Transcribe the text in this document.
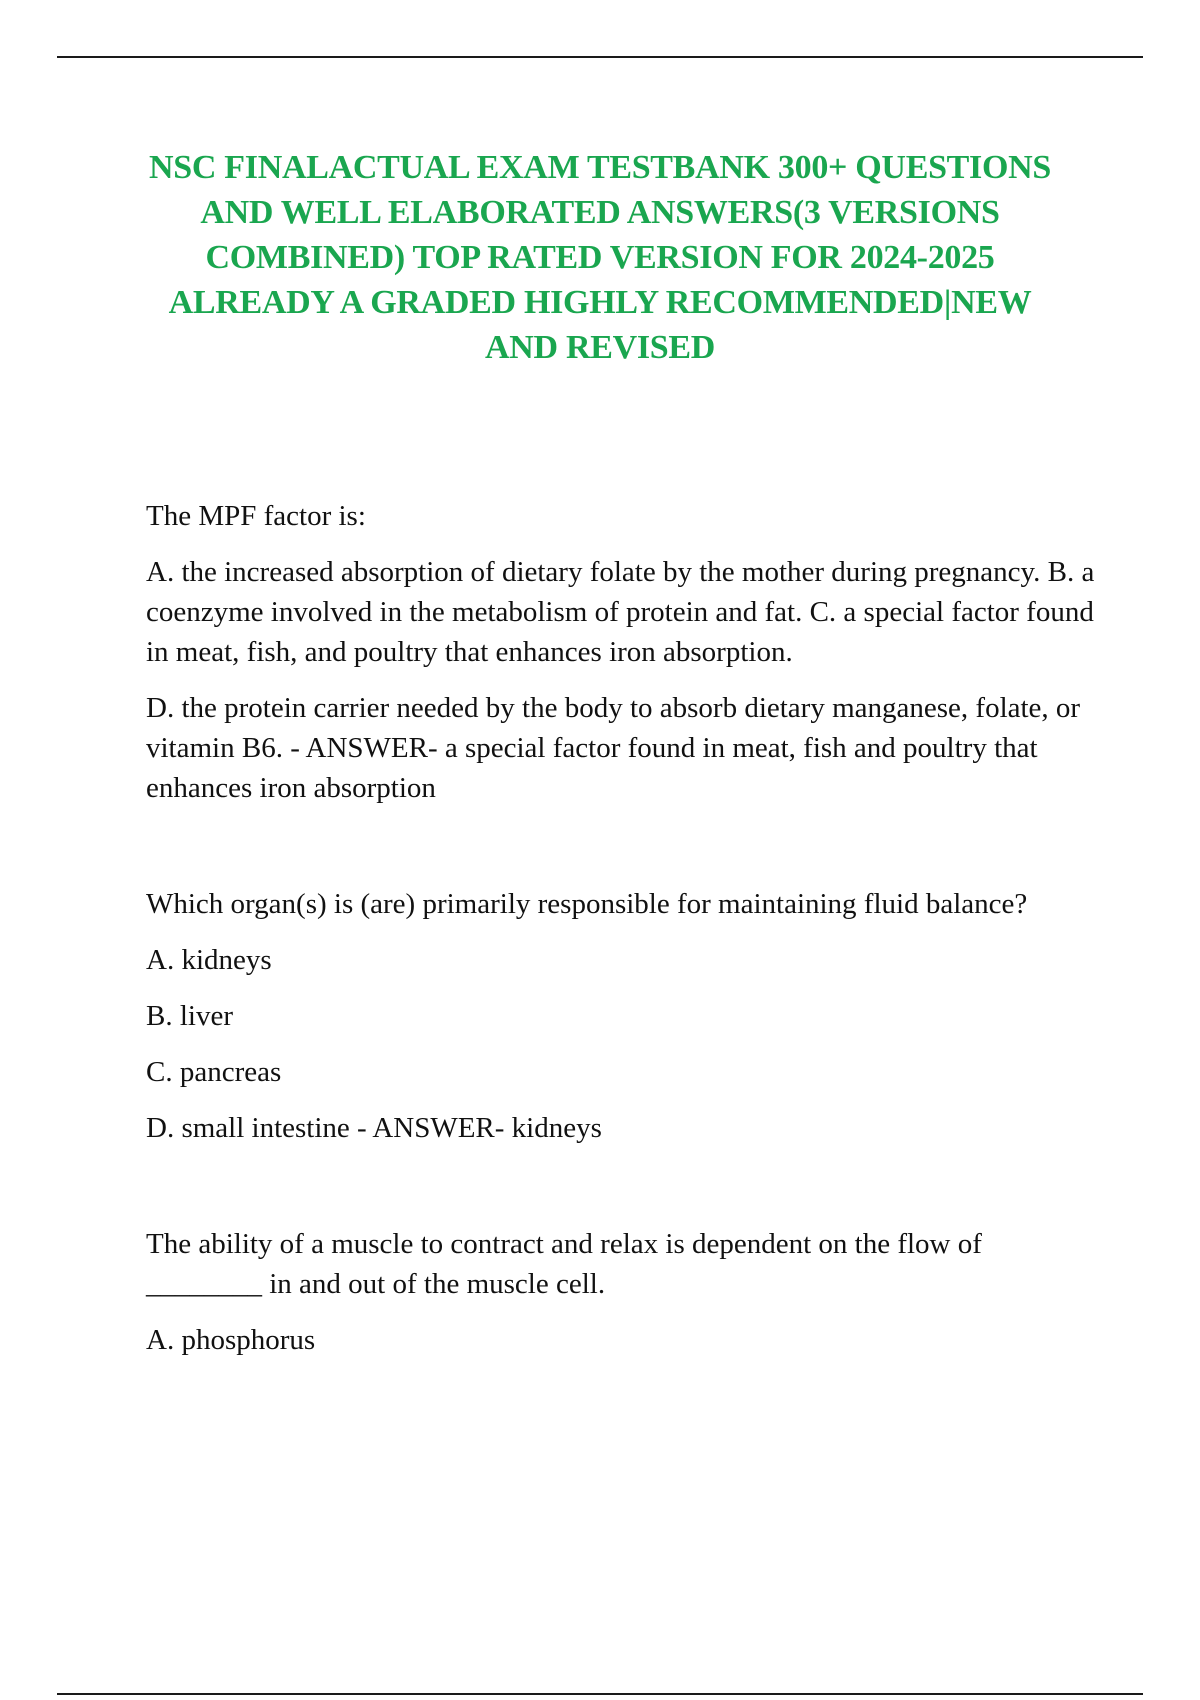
NSC FINALACTUAL EXAM TESTBANK 300+ QUESTIONS AND WELL ELABORATED ANSWERS(3 VERSIONS COMBINED) TOP RATED VERSION FOR 2024-2025 ALREADY A GRADED HIGHLY RECOMMENDED|NEW AND REVISED

The MPF factor is:

A. the increased absorption of dietary folate by the mother during pregnancy. B. a coenzyme involved in the metabolism of protein and fat. C. a special factor found in meat, fish, and poultry that enhances iron absorption.

D. the protein carrier needed by the body to absorb dietary manganese, folate, or vitamin B6. - ANSWER- a special factor found in meat, fish and poultry that enhances iron absorption

Which organ(s) is (are) primarily responsible for maintaining fluid balance?

A. kidneys

B. liver

C. pancreas

D. small intestine - ANSWER- kidneys

The ability of a muscle to contract and relax is dependent on the flow of ________ in and out of the muscle cell.

A. phosphorus
